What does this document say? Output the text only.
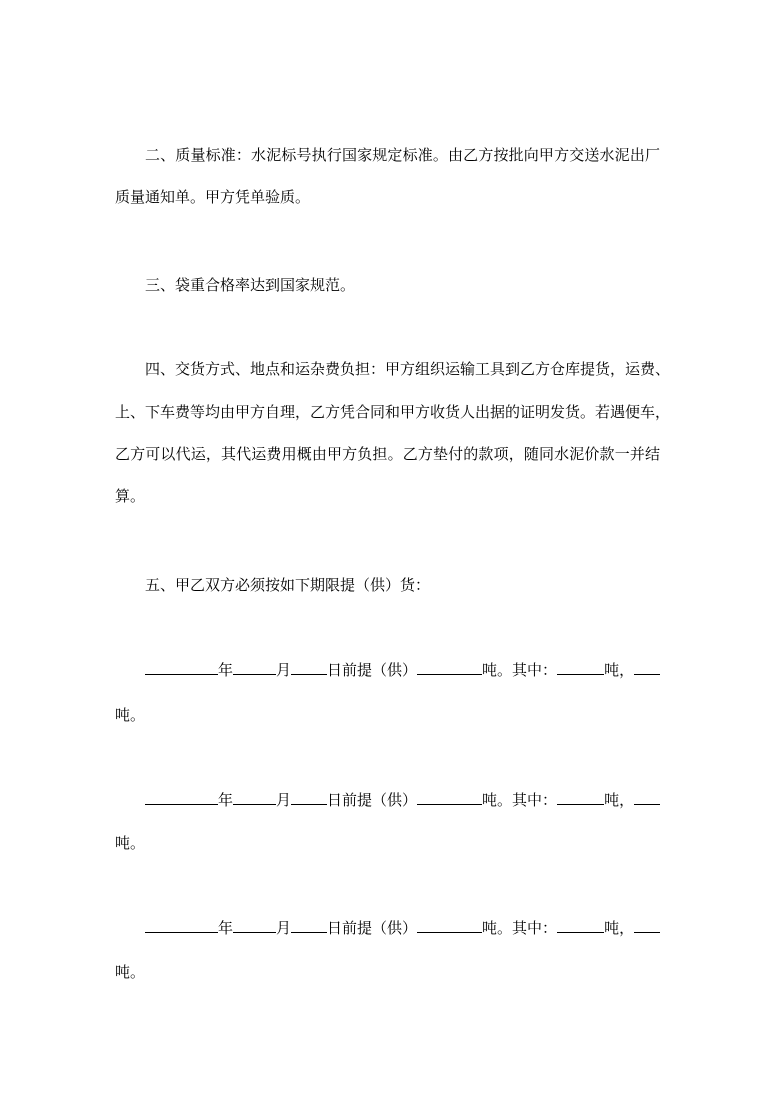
二、质量标准：水泥标号执行国家规定标准。由乙方按批向甲方交送水泥出厂
质量通知单。甲方凭单验质。
三、袋重合格率达到国家规范。
四、交货方式、地点和运杂费负担：甲方组织运输工具到乙方仓库提货，运费、
上、下车费等均由甲方自理，乙方凭合同和甲方收货人出据的证明发货。若遇便车，
乙方可以代运，其代运费用概由甲方负担。乙方垫付的款项，随同水泥价款一并结
算。
五、甲乙双方必须按如下期限提（供）货：
年	月 日前提（供）	吨。其中：	吨，
吨。
年	月 日前提（供）	吨。其中：	吨，
吨。
年	月 日前提（供）	吨。其中：	吨，
吨。
